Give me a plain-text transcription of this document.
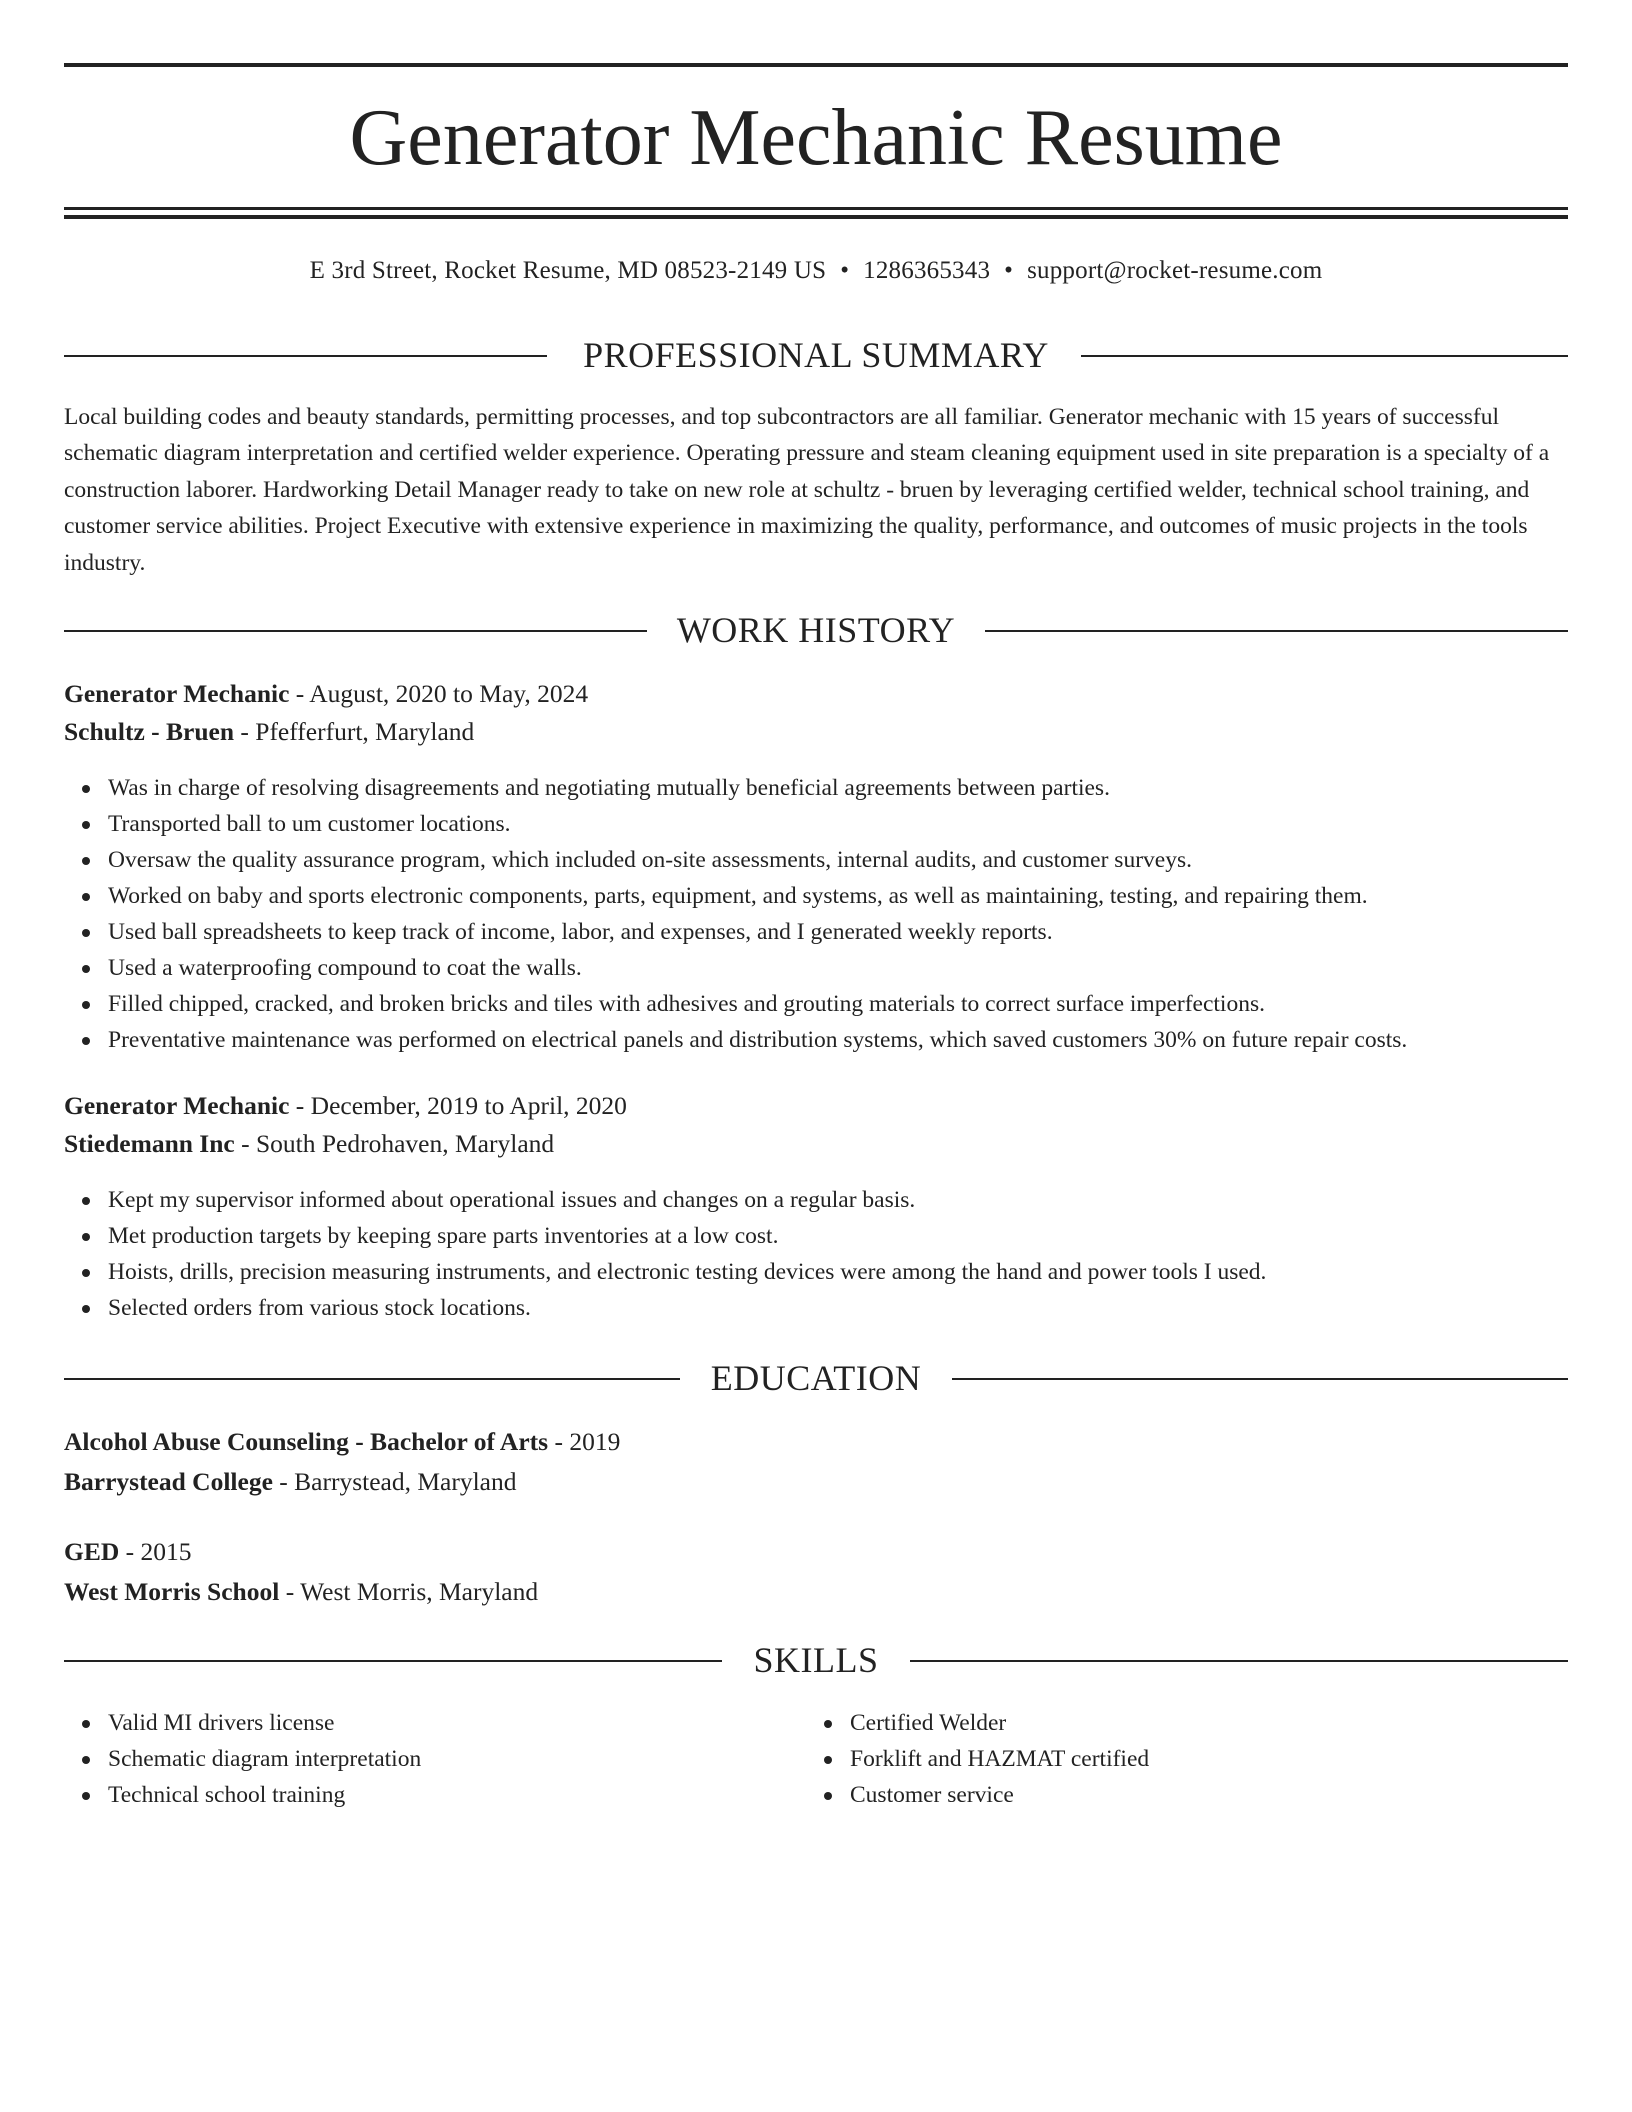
Generator Mechanic Resume
E 3rd Street, Rocket Resume, MD 08523-2149 US • 1286365343 • support@rocket-resume.com
PROFESSIONAL SUMMARY

Local building codes and beauty standards, permitting processes, and top subcontractors are all familiar. Generator mechanic with 15 years of successful schematic diagram interpretation and certified welder experience. Operating pressure and steam cleaning equipment used in site preparation is a specialty of a construction laborer. Hardworking Detail Manager ready to take on new role at schultz - bruen by leveraging certified welder, technical school training, and customer service abilities. Project Executive with extensive experience in maximizing the quality, performance, and outcomes of music projects in the tools industry.

WORK HISTORY
Generator Mechanic - August, 2020 to May, 2024
Schultz - Bruen - Pfefferfurt, Maryland
Was in charge of resolving disagreements and negotiating mutually beneficial agreements between parties.
Transported ball to um customer locations.
Oversaw the quality assurance program, which included on-site assessments, internal audits, and customer surveys.
Worked on baby and sports electronic components, parts, equipment, and systems, as well as maintaining, testing, and repairing them.
Used ball spreadsheets to keep track of income, labor, and expenses, and I generated weekly reports.
Used a waterproofing compound to coat the walls.
Filled chipped, cracked, and broken bricks and tiles with adhesives and grouting materials to correct surface imperfections.
Preventative maintenance was performed on electrical panels and distribution systems, which saved customers 30% on future repair costs.
Generator Mechanic - December, 2019 to April, 2020
Stiedemann Inc - South Pedrohaven, Maryland
Kept my supervisor informed about operational issues and changes on a regular basis.
Met production targets by keeping spare parts inventories at a low cost.
Hoists, drills, precision measuring instruments, and electronic testing devices were among the hand and power tools I used.
Selected orders from various stock locations.
EDUCATION
Alcohol Abuse Counseling - Bachelor of Arts - 2019
Barrystead College - Barrystead, Maryland
GED - 2015
West Morris School - West Morris, Maryland
SKILLS
Valid MI drivers license
Schematic diagram interpretation
Technical school training
Certified Welder
Forklift and HAZMAT certified
Customer service
